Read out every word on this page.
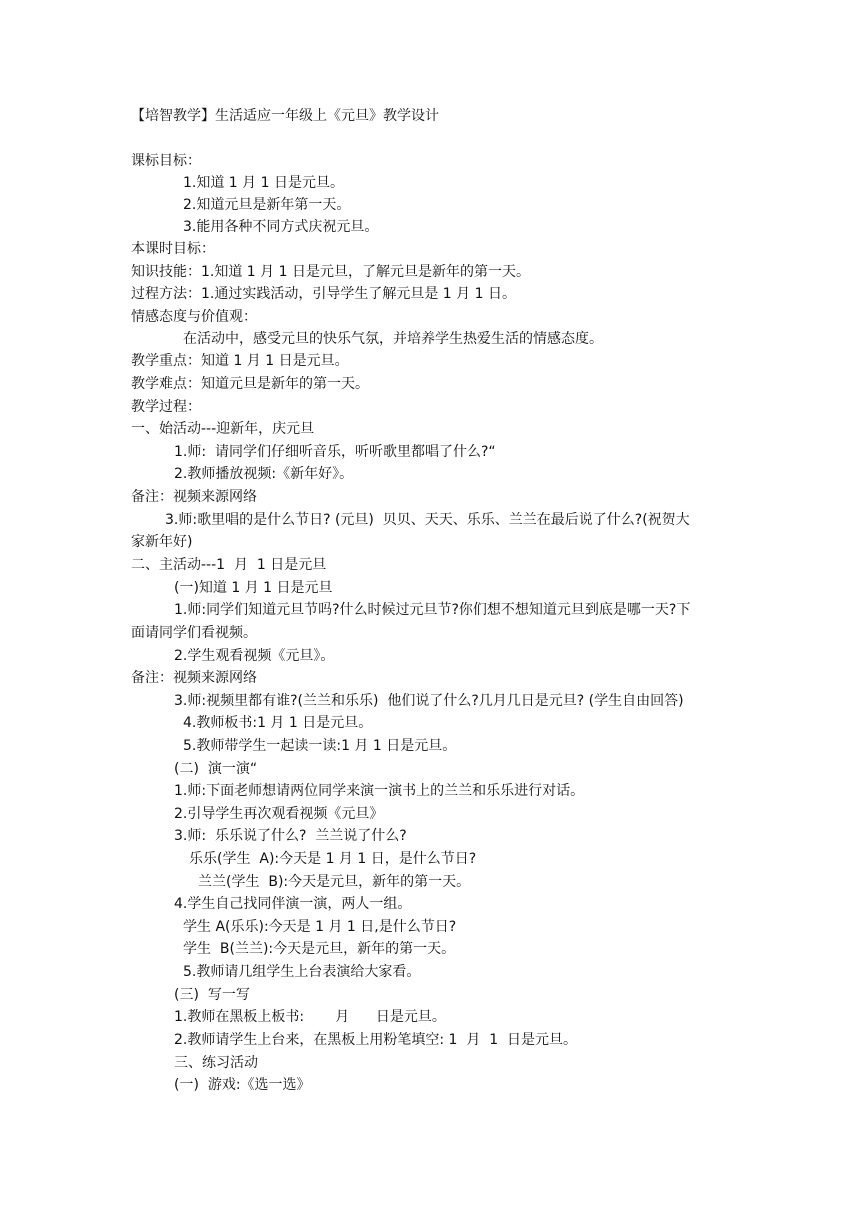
【培智教学】生活适应一年级上《元旦》教学设计
课标目标：
1.知道 1 月 1 日是元旦。
2.知道元旦是新年第一天。
3.能用各种不同方式庆祝元旦。
本课时目标：
知识技能：1.知道 1 月 1 日是元旦，了解元旦是新年的第一天。
过程方法：1.通过实践活动，引导学生了解元旦是 1 月 1 日。
情感态度与价值观：
在活动中，感受元旦的快乐气氛，并培养学生热爱生活的情感态度。
教学重点：知道 1 月 1 日是元旦。
教学难点：知道元旦是新年的第一天。
教学过程：
一、始活动---迎新年，庆元旦
1.师:  请同学们仔细听音乐，听听歌里都唱了什么?“
2.教师播放视频:《新年好》。
备注：视频来源网络
3.师:歌里唱的是什么节日? (元旦)  贝贝、天天、乐乐、兰兰在最后说了什么?(祝贺大
家新年好)
二、主活动---1  月  1 日是元旦
(一)知道 1 月 1 日是元旦
1.师:同学们知道元旦节吗?什么时候过元旦节?你们想不想知道元旦到底是哪一天?下
面请同学们看视频。
2.学生观看视频《元旦》。
备注：视频来源网络
3.师:视频里都有谁?(兰兰和乐乐)  他们说了什么?几月几日是元旦? (学生自由回答)
4.教师板书:1 月 1 日是元旦。
5.教师带学生一起读一读:1 月 1 日是元旦。
(二)  演一演“
1.师:下面老师想请两位同学来演一演书上的兰兰和乐乐进行对话。
2.引导学生再次观看视频《元旦》
3.师:  乐乐说了什么?  兰兰说了什么?
乐乐(学生  A):今天是 1 月 1 日，是什么节日?
兰兰(学生  B):今天是元旦，新年的第一天。
4.学生自己找同伴演一演，两人一组。
学生 A(乐乐):今天是 1 月 1 日,是什么节日?
学生  B(兰兰):今天是元旦，新年的第一天。
5.教师请几组学生上台表演给大家看。
(三)  写一写
1.教师在黑板上板书:       月      日是元旦。
2.教师请学生上台来，在黑板上用粉笔填空: 1  月  1  日是元旦。
三、练习活动
(一)  游戏:《选一选》
